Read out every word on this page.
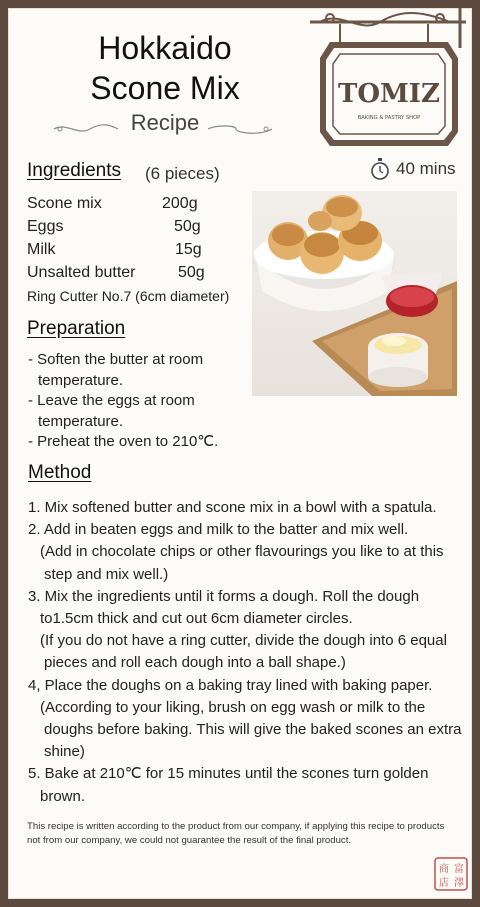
Hokkaido
Scone Mix
Recipe
TOMIZ
BAKING & PASTRY SHOP
Ingredients (6 pieces)	40 mins
Scone mix	200g
Eggs	50g
Milk	15g
Unsalted butter	50g
Ring Cutter No.7 (6cm diameter)
Preparation
- Soften the butter at room temperature.
- Leave the eggs at room temperature.
- Preheat the oven to 210℃.
Method
1. Mix softened butter and scone mix in a bowl with a spatula.
2. Add in beaten eggs and milk to the batter and mix well.
(Add in chocolate chips or other flavourings you like to at this step and mix well.)
3. Mix the ingredients until it forms a dough. Roll the dough to1.5cm thick and cut out 6cm diameter circles.
(If you do not have a ring cutter, divide the dough into 6 equal pieces and roll each dough into a ball shape.)
4, Place the doughs on a baking tray lined with baking paper.
(According to your liking, brush on egg wash or milk to the doughs before baking. This will give the baked scones an extra shine)
5. Bake at 210℃ for 15 minutes until the scones turn golden brown.
This recipe is written according to the product from our company, if applying this recipe to products not from our company, we could not guarantee the result of the final product.
富
澤
商
店
